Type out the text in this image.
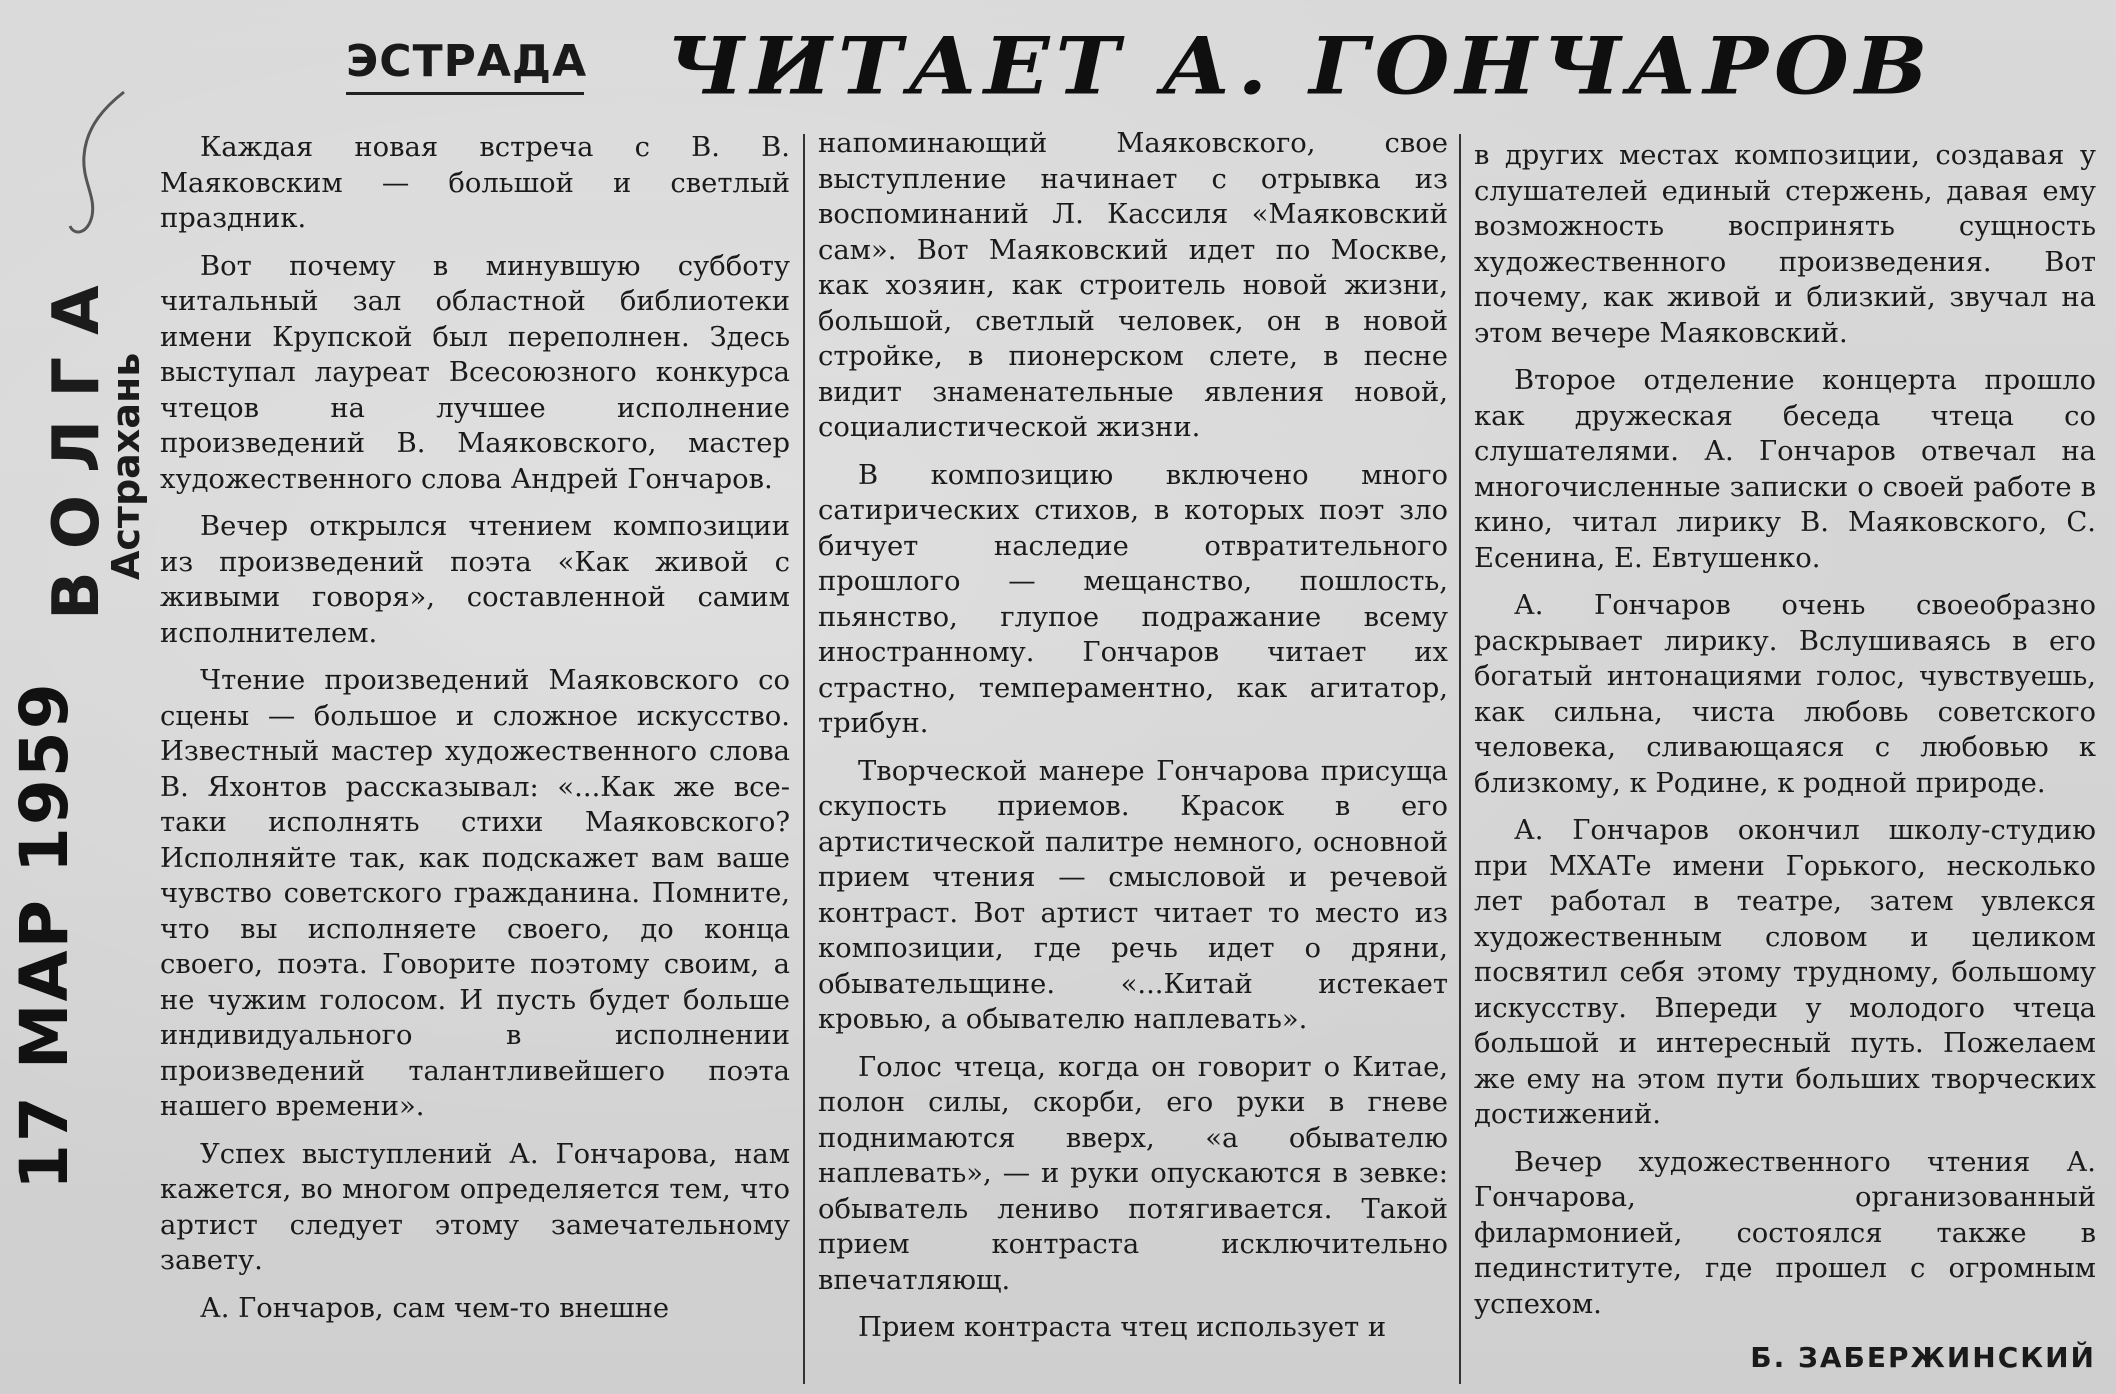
ВОЛГА
Астрахань
17 МАР 1959
ЭСТРАДА ЧИТАЕТ А. ГОНЧАРОВ

Каждая новая встреча с В. В. Маяковским — большой и светлый праздник.

Вот почему в минувшую субботу читальный зал областной библиотеки имени Крупской был переполнен. Здесь выступал лауреат Всесоюзного конкурса чтецов на лучшее исполнение произведений В. Маяковского, мастер художественного слова Андрей Гончаров.

Вечер открылся чтением композиции из произведений поэта «Как живой с живыми говоря», составленной самим исполнителем.

Чтение произведений Маяковского со сцены — большое и сложное искусство. Известный мастер художественного слова В. Яхонтов рассказывал: «...Как же все-таки исполнять стихи Маяковского? Исполняйте так, как подскажет вам ваше чувство советского гражданина. Помните, что вы исполняете своего, до конца своего, поэта. Говорите поэтому своим, а не чужим голосом. И пусть будет больше индивидуального в исполнении произведений талантливейшего поэта нашего времени».

Успех выступлений А. Гончарова, нам кажется, во многом определяется тем, что артист следует этому замечательному завету.

А. Гончаров, сам чем-то внешне

напоминающий Маяковского, свое выступление начинает с отрывка из воспоминаний Л. Кассиля «Маяковский сам». Вот Маяковский идет по Москве, как хозяин, как строитель новой жизни, большой, светлый человек, он в новой стройке, в пионерском слете, в песне видит знаменательные явления новой, социалистической жизни.

В композицию включено много сатирических стихов, в которых поэт зло бичует наследие отвратительного прошлого — мещанство, пошлость, пьянство, глупое подражание всему иностранному. Гончаров читает их страстно, темпераментно, как агитатор, трибун.

Творческой манере Гончарова присуща скупость приемов. Красок в его артистической палитре немного, основной прием чтения — смысловой и речевой контраст. Вот артист читает то место из композиции, где речь идет о дряни, обывательщине. «...Китай истекает кровью, а обывателю наплевать».

Голос чтеца, когда он говорит о Китае, полон силы, скорби, его руки в гневе поднимаются вверх, «а обывателю наплевать», — и руки опускаются в зевке: обыватель лениво потягивается. Такой прием контраста исключительно впечатляющ.

Прием контраста чтец использует и

в других местах композиции, создавая у слушателей единый стержень, давая ему возможность воспринять сущность художественного произведения. Вот почему, как живой и близкий, звучал на этом вечере Маяковский.

Второе отделение концерта прошло как дружеская беседа чтеца со слушателями. А. Гончаров отвечал на многочисленные записки о своей работе в кино, читал лирику В. Маяковского, С. Есенина, Е. Евтушенко.

А. Гончаров очень своеобразно раскрывает лирику. Вслушиваясь в его богатый интонациями голос, чувствуешь, как сильна, чиста любовь советского человека, сливающаяся с любовью к близкому, к Родине, к родной природе.

А. Гончаров окончил школу-студию при МХАТе имени Горького, несколько лет работал в театре, затем увлекся художественным словом и целиком посвятил себя этому трудному, большому искусству. Впереди у молодого чтеца большой и интересный путь. Пожелаем же ему на этом пути больших творческих достижений.

Вечер художественного чтения А. Гончарова, организованный филармонией, состоялся также в пединституте, где прошел с огромным успехом.

Б. ЗАБЕРЖИНСКИЙ
